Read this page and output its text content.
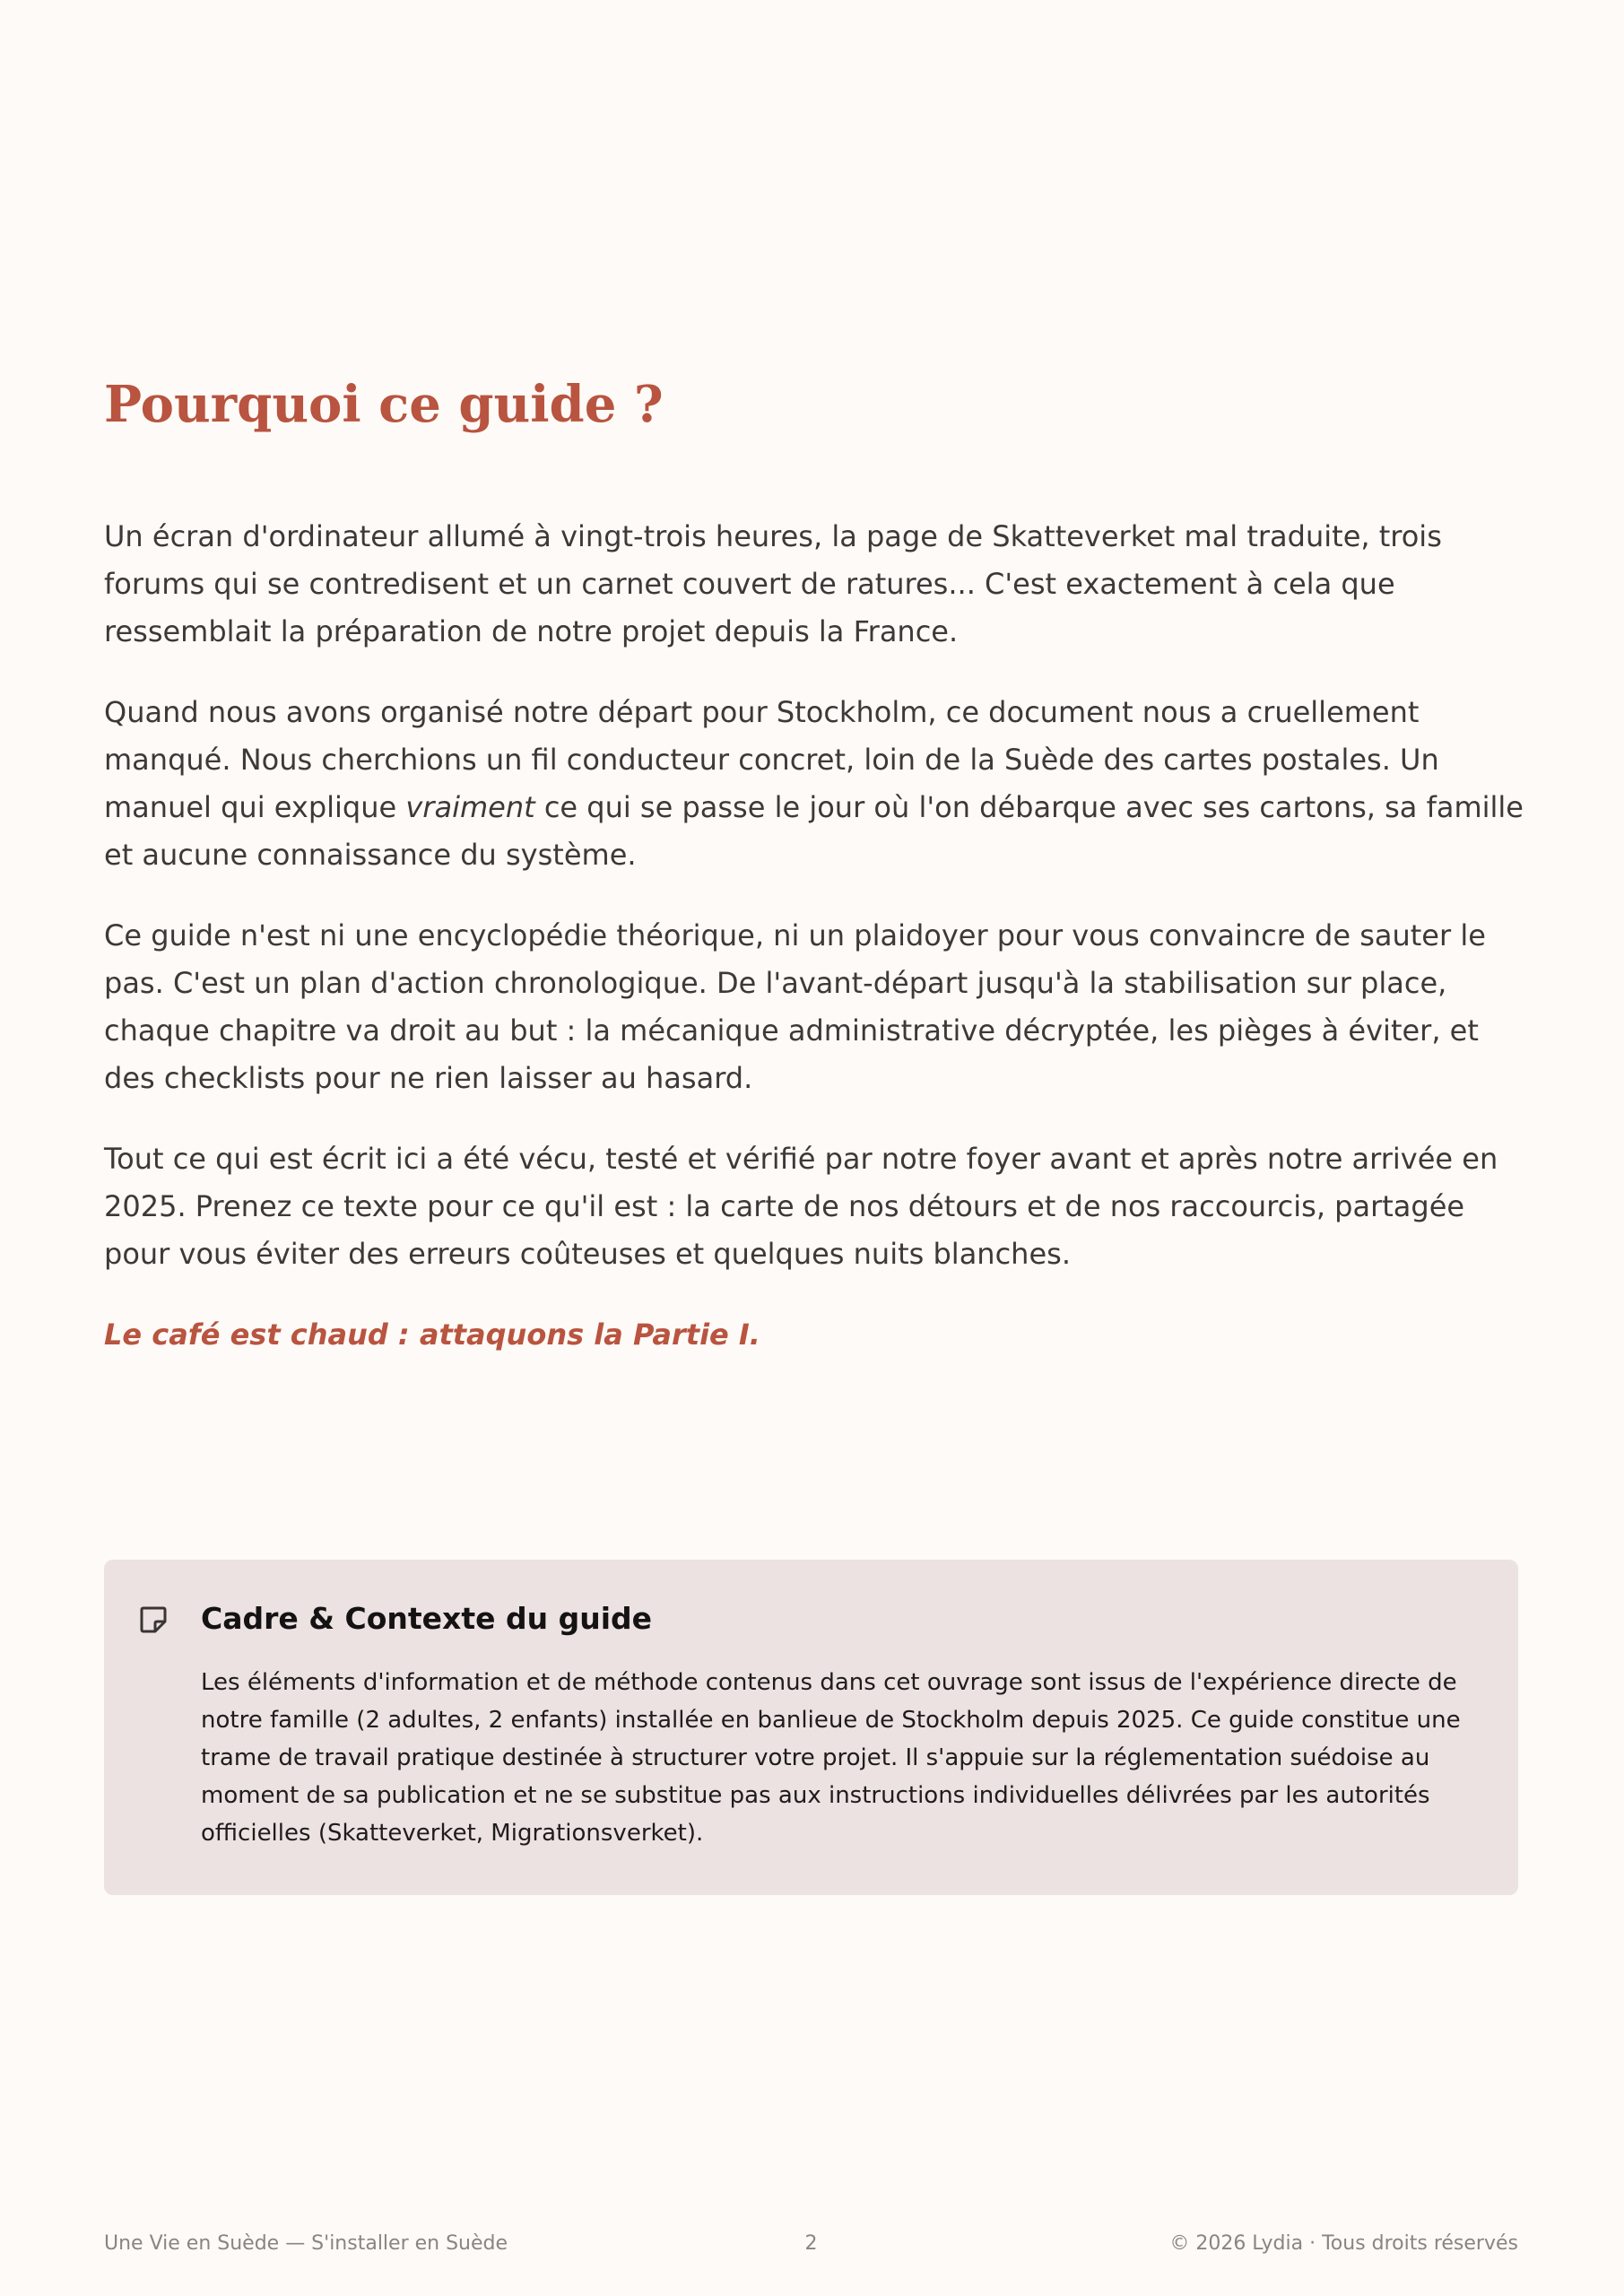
Pourquoi ce guide ?

Un écran d'ordinateur allumé à vingt-trois heures, la page de Skatteverket mal traduite, trois forums qui se contredisent et un carnet couvert de ratures... C'est exactement à cela que ressemblait la préparation de notre projet depuis la France.

Quand nous avons organisé notre départ pour Stockholm, ce document nous a cruellement manqué. Nous cherchions un fil conducteur concret, loin de la Suède des cartes postales. Un manuel qui explique vraiment ce qui se passe le jour où l'on débarque avec ses cartons, sa famille et aucune connaissance du système.

Ce guide n'est ni une encyclopédie théorique, ni un plaidoyer pour vous convaincre de sauter le pas. C'est un plan d'action chronologique. De l'avant-départ jusqu'à la stabilisation sur place, chaque chapitre va droit au but : la mécanique administrative décryptée, les pièges à éviter, et des checklists pour ne rien laisser au hasard.

Tout ce qui est écrit ici a été vécu, testé et vérifié par notre foyer avant et après notre arrivée en 2025. Prenez ce texte pour ce qu'il est : la carte de nos détours et de nos raccourcis, partagée pour vous éviter des erreurs coûteuses et quelques nuits blanches.

Le café est chaud : attaquons la Partie I.

Cadre & Contexte du guide

Les éléments d'information et de méthode contenus dans cet ouvrage sont issus de l'expérience directe de notre famille (2 adultes, 2 enfants) installée en banlieue de Stockholm depuis 2025. Ce guide constitue une trame de travail pratique destinée à structurer votre projet. Il s'appuie sur la réglementation suédoise au moment de sa publication et ne se substitue pas aux instructions individuelles délivrées par les autorités officielles (Skatteverket, Migrationsverket).

Une Vie en Suède — S'installer en Suède	2	© 2026 Lydia · Tous droits réservés
